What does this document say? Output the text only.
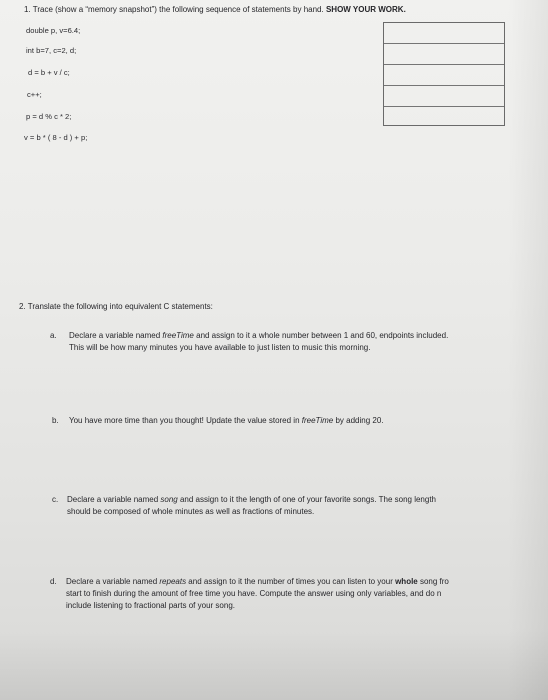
1. Trace (show a “memory snapshot”) the following sequence of statements by hand. SHOW YOUR WORK.
double p, v=6.4;
int b=7, c=2, d;
d = b + v / c;
c++;
p = d % c * 2;
v = b * ( 8 - d ) + p;
2. Translate the following into equivalent C statements:
a. Declare a variable named freeTime and assign to it a whole number between 1 and 60, endpoints included.
This will be how many minutes you have available to just listen to music this morning.
b. You have more time than you thought! Update the value stored in freeTime by adding 20.
c. Declare a variable named song and assign to it the length of one of your favorite songs. The song length
should be composed of whole minutes as well as fractions of minutes.
d. Declare a variable named repeats and assign to it the number of times you can listen to your whole song fro
start to finish during the amount of free time you have. Compute the answer using only variables, and do n
include listening to fractional parts of your song.
